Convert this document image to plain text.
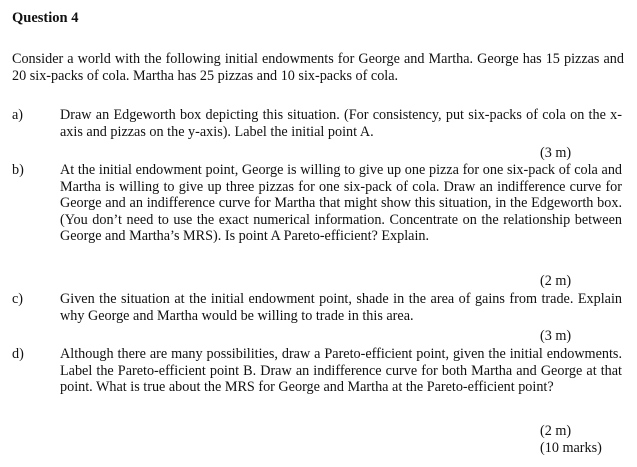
Question 4
Consider a world with the following initial endowments for George and Martha. George has 15 pizzas and 20 six-packs of cola. Martha has 25 pizzas and 10 six-packs of cola.
a)	Draw an Edgeworth box depicting this situation. (For consistency, put six-packs of cola on the x-axis and pizzas on the y-axis). Label the initial point A.
(3 m)
b)	At the initial endowment point, George is willing to give up one pizza for one six-pack of cola and Martha is willing to give up three pizzas for one six-pack of cola. Draw an indifference curve for George and an indifference curve for Martha that might show this situation, in the Edgeworth box. (You don’t need to use the exact numerical information. Concentrate on the relationship between George and Martha’s MRS). Is point A Pareto-efficient? Explain.
(2 m)
c)	Given the situation at the initial endowment point, shade in the area of gains from trade. Explain why George and Martha would be willing to trade in this area.
(3 m)
d)	Although there are many possibilities, draw a Pareto-efficient point, given the initial endowments. Label the Pareto-efficient point B. Draw an indifference curve for both Martha and George at that point. What is true about the MRS for George and Martha at the Pareto-efficient point?
(2 m)
(10 marks)
